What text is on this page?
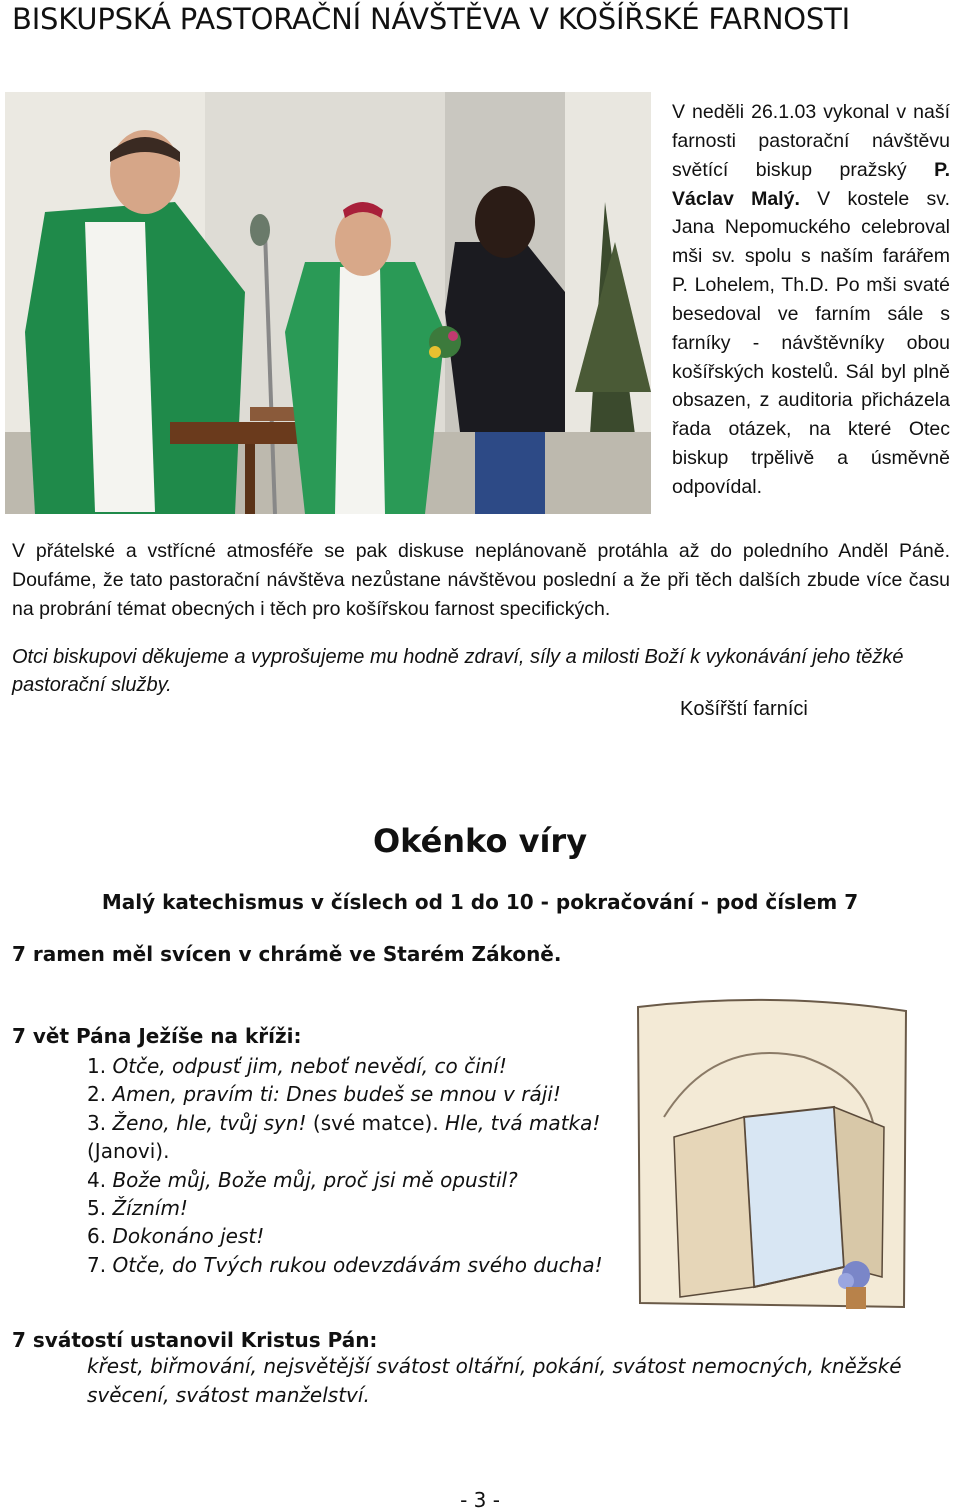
BISKUPSKÁ PASTORAČNÍ NÁVŠTĚVA V KOŠÍŘSKÉ FARNOSTI

V neděli 26.1.03 vykonal v naší farnosti pastorační návštěvu světící biskup pražský P. Václav Malý. V kostele sv. Jana Nepomuckého celebroval mši sv. spolu s naším farářem P. Lohelem, Th.D. Po mši svaté besedoval ve farním sále s farníky - návštěvníky obou košířských kostelů. Sál byl plně obsazen, z auditoria přicházela řada otázek, na které Otec biskup trpělivě a úsměvně odpovídal.

V přátelské a vstřícné atmosféře se pak diskuse neplánovaně protáhla až do poledního Anděl Páně. Doufáme, že tato pastorační návštěva nezůstane návštěvou poslední a že při těch dalších zbude více času na probrání témat obecných i těch pro košířskou farnost specifických.

Otci biskupovi děkujeme a vyprošujeme mu hodně zdraví, síly a milosti Boží k vykonávání jeho těžké pastorační služby.
Košířští farníci
Okénko víry
Malý katechismus v číslech od 1 do 10 - pokračování - pod číslem 7
7 ramen měl svícen v chrámě ve Starém Zákoně.
7 vět Pána Ježíše na kříži:
1. Otče, odpusť jim, neboť nevědí, co činí!
2. Amen, pravím ti: Dnes budeš se mnou v ráji!
3. Ženo, hle, tvůj syn! (své matce). Hle, tvá matka!
(Janovi).
4. Bože můj, Bože můj, proč jsi mě opustil?
5. Žízním!
6. Dokonáno jest!
7. Otče, do Tvých rukou odevzdávám svého ducha!
7 svátostí ustanovil Kristus Pán:
křest, biřmování, nejsvětější svátost oltářní, pokání, svátost nemocných, kněžské svěcení, svátost manželství.
- 3 -
